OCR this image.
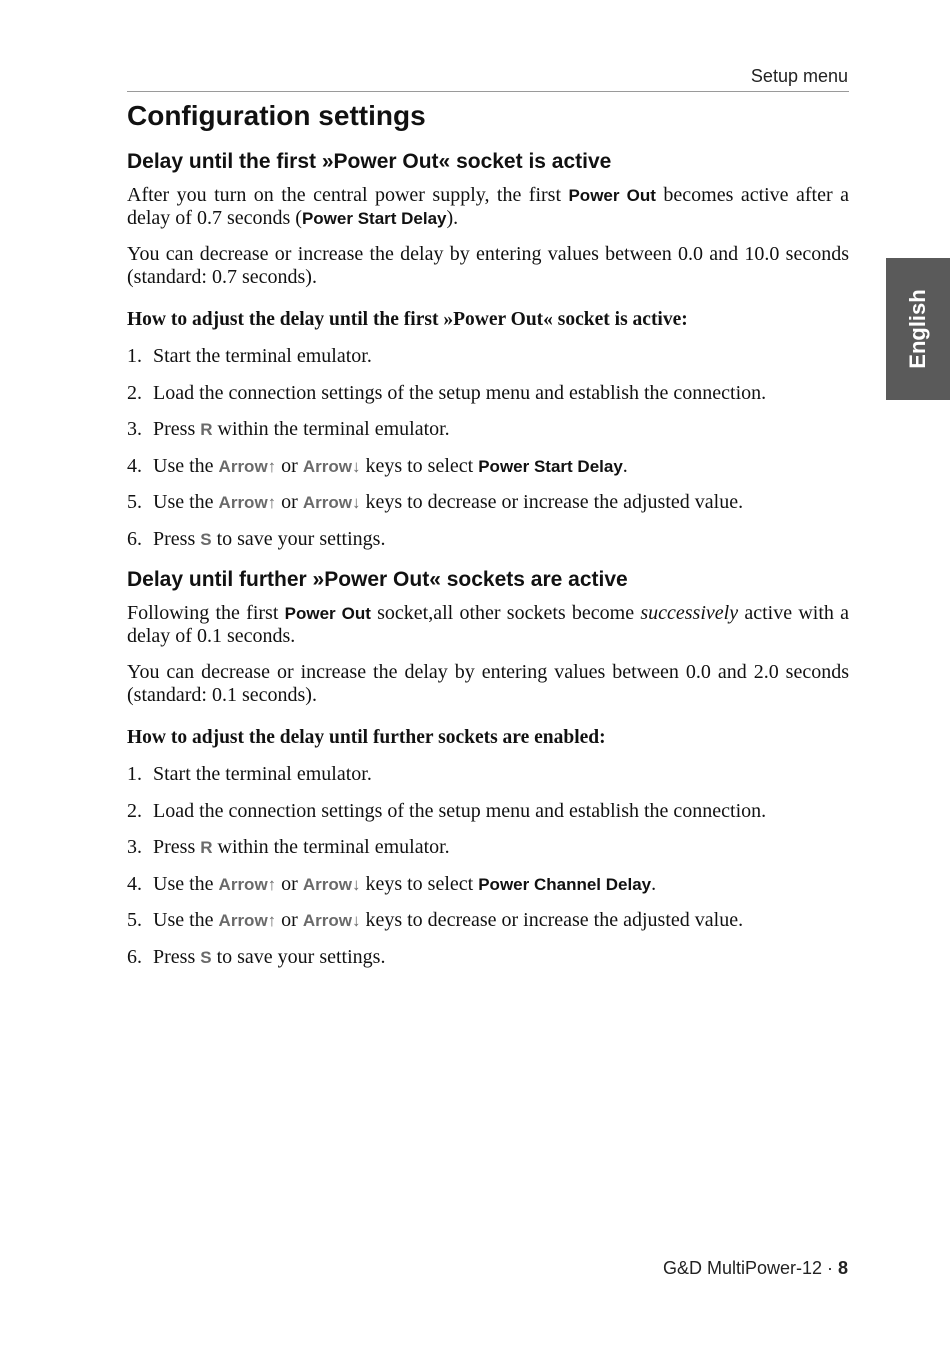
Setup menu
English
Configuration settings
Delay until the first »Power Out« socket is active

After you turn on the central power supply, the first Power Out becomes active after a delay of 0.7 seconds (Power Start Delay).

You can decrease or increase the delay by entering values between 0.0 and 10.0 seconds (standard: 0.7 seconds).

How to adjust the delay until the first »Power Out« socket is active:

1. Start the terminal emulator.
2. Load the connection settings of the setup menu and establish the connection.
3. Press R within the terminal emulator.
4. Use the Arrow↑ or Arrow↓ keys to select Power Start Delay.
5. Use the Arrow↑ or Arrow↓ keys to decrease or increase the adjusted value.
6. Press S to save your settings.
Delay until further »Power Out« sockets are active

Following the first Power Out socket,all other sockets become successively active with a delay of 0.1 seconds.

You can decrease or increase the delay by entering values between 0.0 and 2.0 seconds (standard: 0.1 seconds).

How to adjust the delay until further sockets are enabled:

1. Start the terminal emulator.
2. Load the connection settings of the setup menu and establish the connection.
3. Press R within the terminal emulator.
4. Use the Arrow↑ or Arrow↓ keys to select Power Channel Delay.
5. Use the Arrow↑ or Arrow↓ keys to decrease or increase the adjusted value.
6. Press S to save your settings.
G&D MultiPower-12 · 8
